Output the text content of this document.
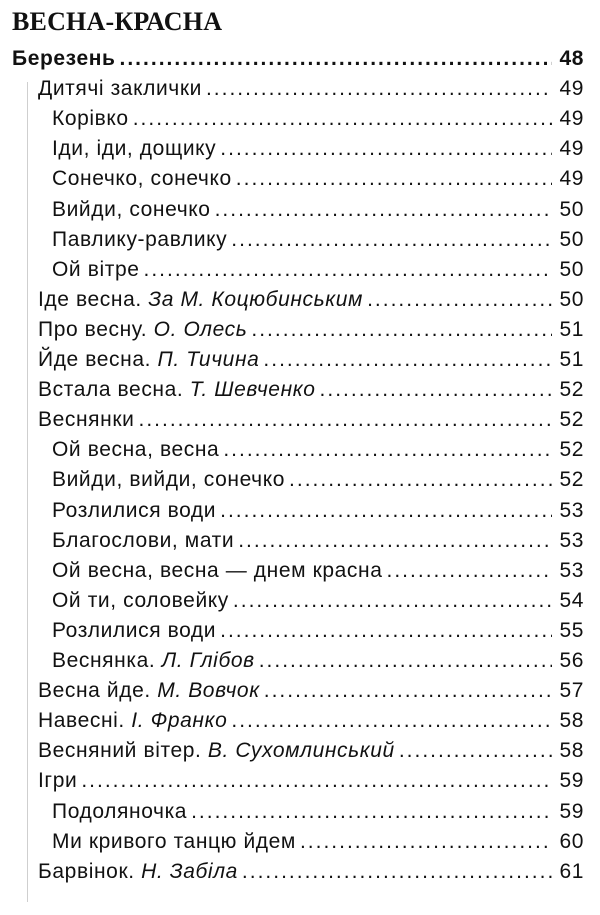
ВЕСНА-КРАСНА
Березень .....	48
Дитячі заклички .....	49
Корівко .....	49
Іди, іди, дощику .....	49
Сонечко, сонечко .....	49
Вийди, сонечко .....	50
Павлику-равлику .....	50
Ой вітре .....	50
Іде весна. За М. Коцюбинським .....	50
Про весну. О. Олесь .....	51
Йде весна. П. Тичина .....	51
Встала весна. Т. Шевченко .....	52
Веснянки .....	52
Ой весна, весна .....	52
Вийди, вийди, сонечко .....	52
Розлилися води .....	53
Благослови, мати .....	53
Ой весна, весна — днем красна .....	53
Ой ти, соловейку .....	54
Розлилися води .....	55
Веснянка. Л. Глібов .....	56
Весна йде. М. Вовчок .....	57
Навесні. І. Франко .....	58
Весняний вітер. В. Сухомлинський .....	58
Ігри .....	59
Подоляночка .....	59
Ми кривого танцю йдем .....	60
Барвінок. Н. Забіла .....	61
